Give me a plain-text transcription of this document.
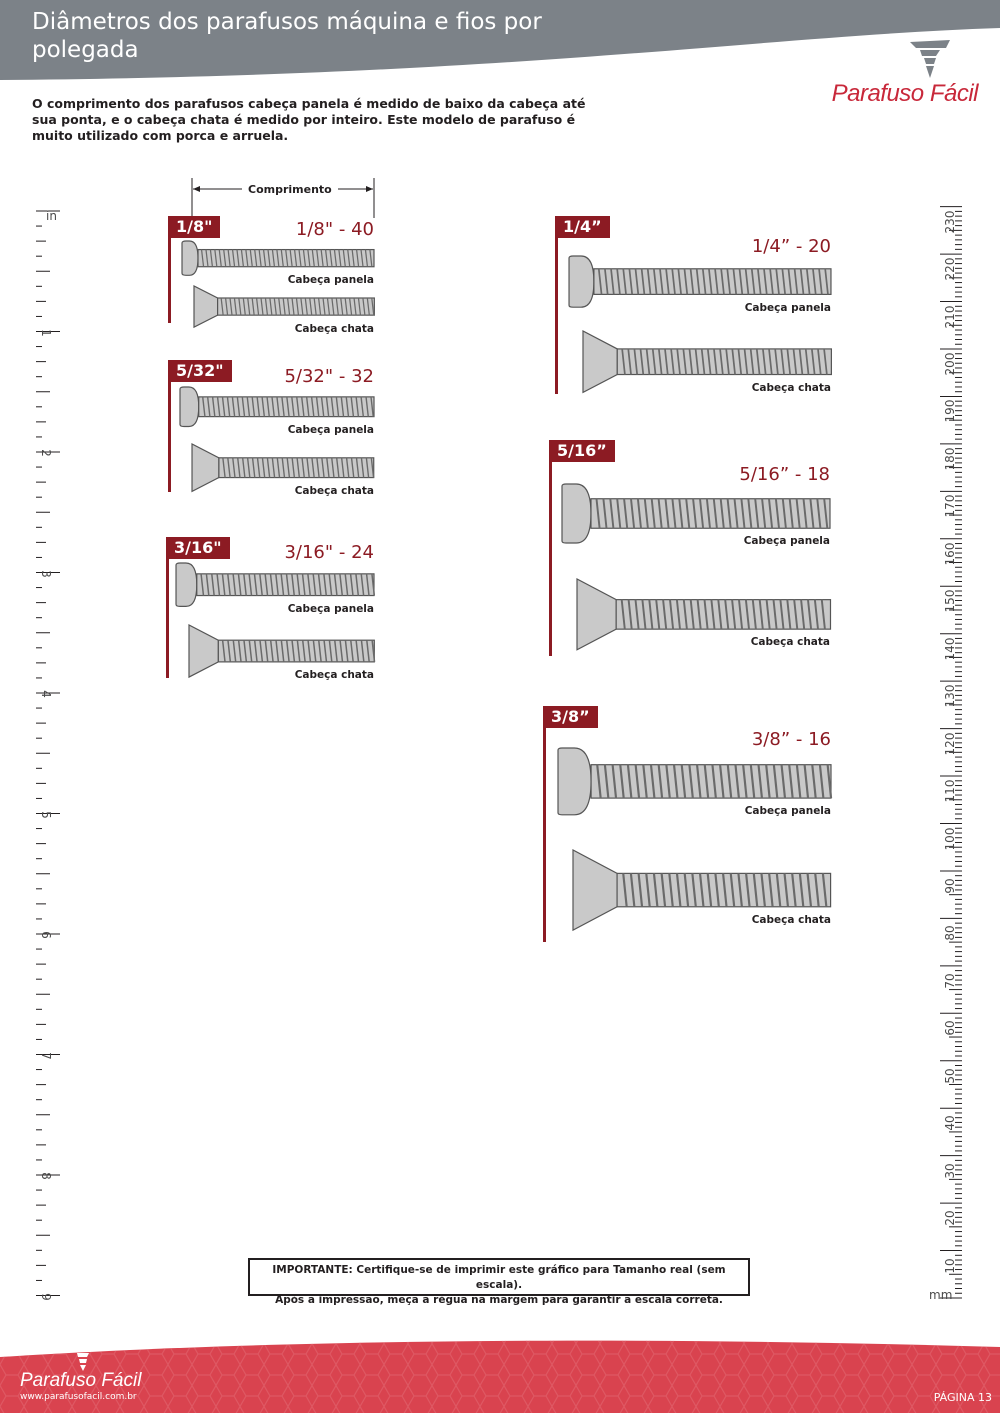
Diâmetros dos parafusos máquina e fios por polegada
Parafuso Fácil
O comprimento dos parafusos cabeça panela é medido de baixo da cabeça até sua ponta, e o cabeça chata é medido por inteiro. Este modelo de parafuso é muito utilizado com porca e arruela.
Comprimento
in
1
2
3
4
5
6
7
8
9	mm
230
220
210
200
190
180
170
160
150
140
130
120
110
100
90
80
70
60
50
40
30
20
10
1/8"	1/8" - 40
Cabeça panela
Cabeça chata
5/32"	5/32" - 32
Cabeça panela
Cabeça chata
3/16"	3/16" - 24
Cabeça panela
Cabeça chata
1/4”
1/4” - 20
Cabeça panela
Cabeça chata
5/16”
5/16” - 18
Cabeça panela
Cabeça chata
3/8”
3/8” - 16
Cabeça panela
Cabeça chata
IMPORTANTE: Certifique-se de imprimir este gráfico para Tamanho real (sem escala).
Após a impressão, meça a régua na margem para garantir a escala correta.
Parafuso Fácil
www.parafusofacil.com.br	PÁGINA 13
